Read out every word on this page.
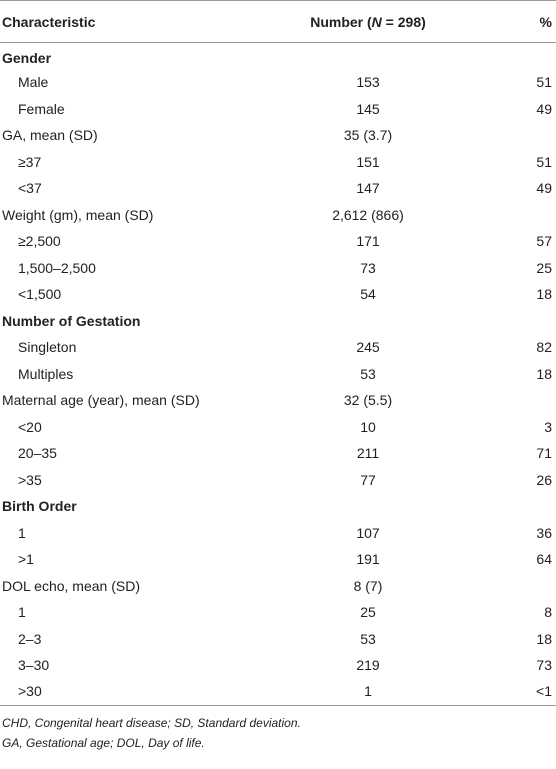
Characteristic	Number (N = 298)	%
Gender		
Male	153	51
Female	145	49
GA, mean (SD)	35 (3.7)	
≥37	151	51
<37	147	49
Weight (gm), mean (SD)	2,612 (866)	
≥2,500	171	57
1,500–2,500	73	25
<1,500	54	18
Number of Gestation		
Singleton	245	82
Multiples	53	18
Maternal age (year), mean (SD)	32 (5.5)	
<20	10	3
20–35	211	71
>35	77	26
Birth Order		
1	107	36
>1	191	64
DOL echo, mean (SD)	8 (7)	
1	25	8
2–3	53	18
3–30	219	73
>30	1	<1
CHD, Congenital heart disease; SD, Standard deviation.
GA, Gestational age; DOL, Day of life.
